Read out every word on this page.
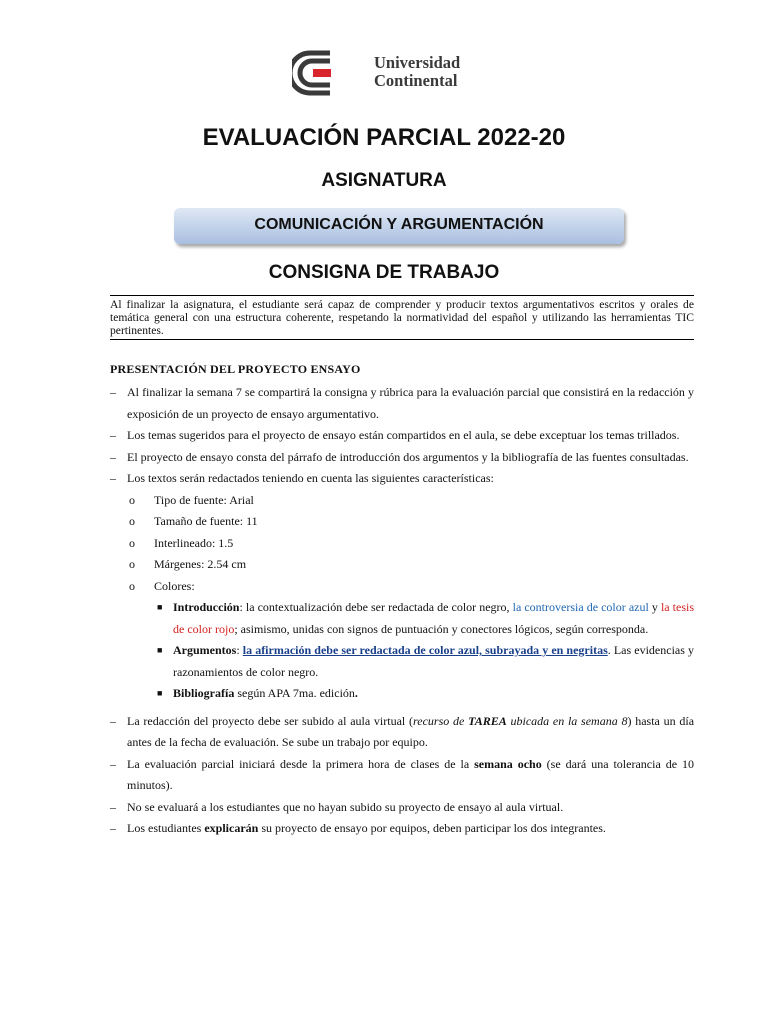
Universidad
Continental
EVALUACIÓN PARCIAL 2022-20
ASIGNATURA
COMUNICACIÓN Y ARGUMENTACIÓN
CONSIGNA DE TRABAJO
Al finalizar la asignatura, el estudiante será capaz de comprender y producir textos argumentativos escritos y orales de temática general con una estructura coherente, respetando la normatividad del español y utilizando las herramientas TIC pertinentes.
PRESENTACIÓN DEL PROYECTO ENSAYO
– Al finalizar la semana 7 se compartirá la consigna y rúbrica para la evaluación parcial que consistirá en la redacción y exposición de un proyecto de ensayo argumentativo.
– Los temas sugeridos para el proyecto de ensayo están compartidos en el aula, se debe exceptuar los temas trillados.
– El proyecto de ensayo consta del párrafo de introducción dos argumentos y la bibliografía de las fuentes consultadas.
– Los textos serán redactados teniendo en cuenta las siguientes características:
o Tipo de fuente: Arial
o Tamaño de fuente: 11
o Interlineado: 1.5
o Márgenes: 2.54 cm
o Colores:
■ Introducción: la contextualización debe ser redactada de color negro, la controversia de color azul y la tesis de color rojo; asimismo, unidas con signos de puntuación y conectores lógicos, según corresponda.
■ Argumentos: la afirmación debe ser redactada de color azul, subrayada y en negritas. Las evidencias y razonamientos de color negro.
■ Bibliografía según APA 7ma. edición.
– La redacción del proyecto debe ser subido al aula virtual (recurso de TAREA ubicada en la semana 8) hasta un día antes de la fecha de evaluación. Se sube un trabajo por equipo.
– La evaluación parcial iniciará desde la primera hora de clases de la semana ocho (se dará una tolerancia de 10 minutos).
– No se evaluará a los estudiantes que no hayan subido su proyecto de ensayo al aula virtual.
– Los estudiantes explicarán su proyecto de ensayo por equipos, deben participar los dos integrantes.
